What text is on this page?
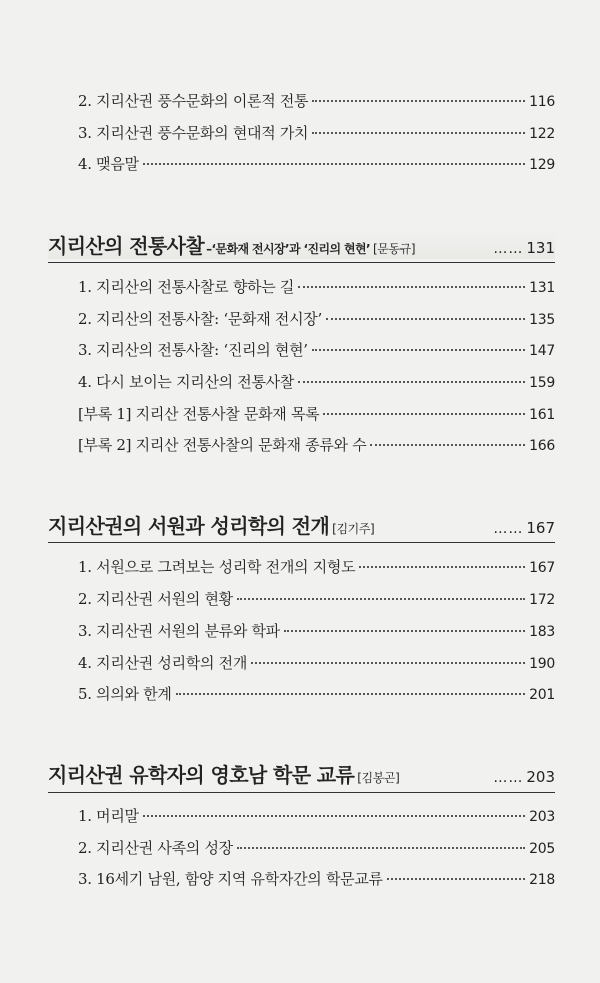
2. 지리산권 풍수문화의 이론적 전통	116
3. 지리산권 풍수문화의 현대적 가치	122
4. 맺음말	129
지리산의 전통사찰 –‘문화재 전시장’과 ‘진리의 현현’ [문동규]	…… 131
1. 지리산의 전통사찰로 향하는 길	131
2. 지리산의 전통사찰: ‘문화재 전시장’	135
3. 지리산의 전통사찰: ‘진리의 현현’	147
4. 다시 보이는 지리산의 전통사찰	159
[부록 1] 지리산 전통사찰 문화재 목록	161
[부록 2] 지리산 전통사찰의 문화재 종류와 수	166
지리산권의 서원과 성리학의 전개 [김기주]	…… 167
1. 서원으로 그려보는 성리학 전개의 지형도	167
2. 지리산권 서원의 현황	172
3. 지리산권 서원의 분류와 학파	183
4. 지리산권 성리학의 전개	190
5. 의의와 한계	201
지리산권 유학자의 영호남 학문 교류 [김봉곤]	…… 203
1. 머리말	203
2. 지리산권 사족의 성장	205
3. 16세기 남원, 함양 지역 유학자간의 학문교류	218
